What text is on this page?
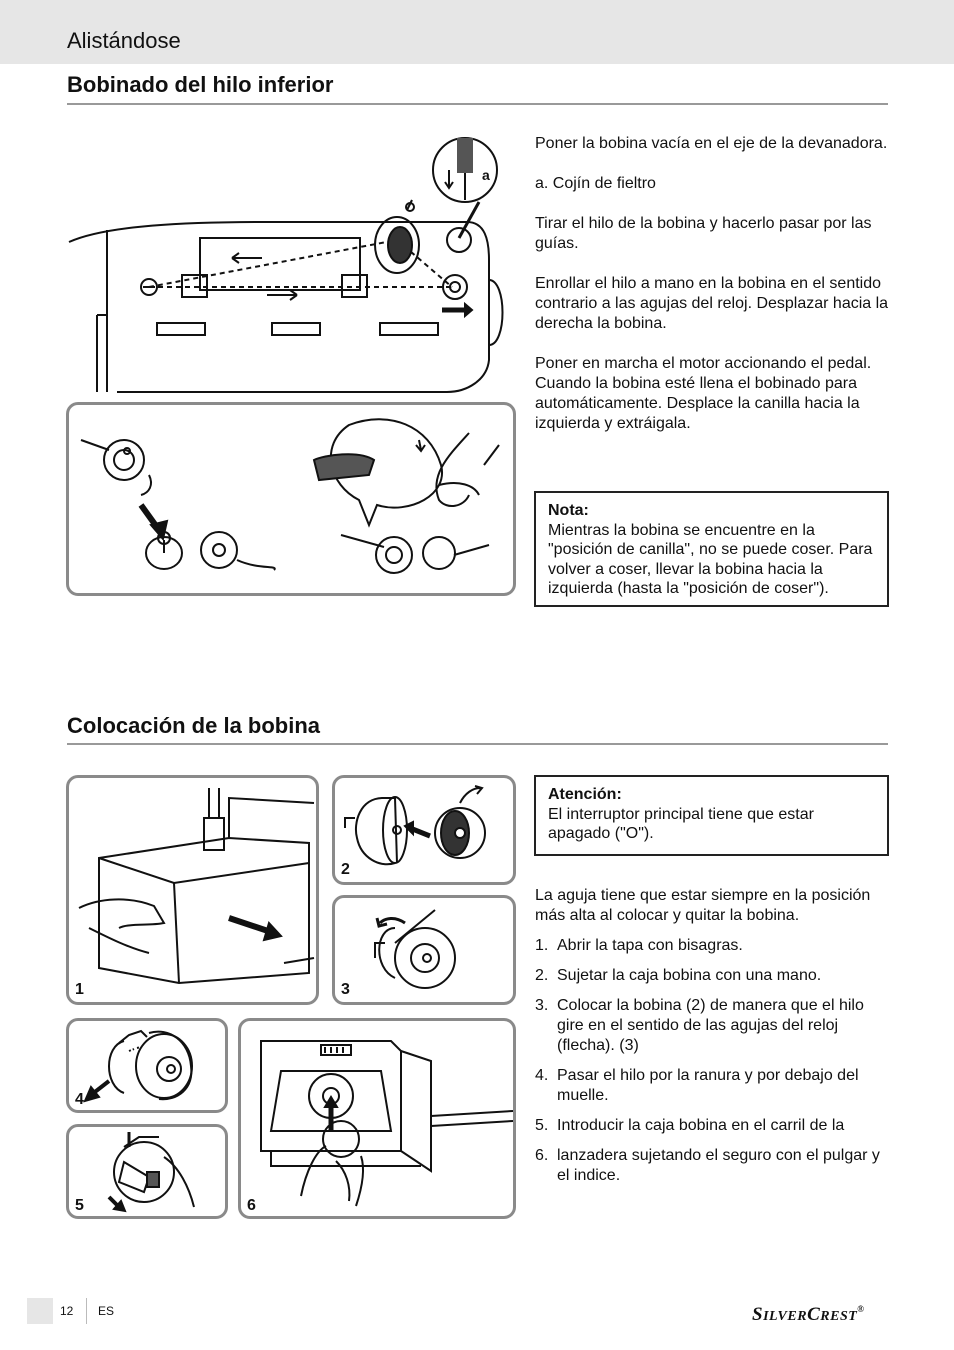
Alistándose
Bobinado del hilo inferior
a

Poner la bobina vacía en el eje de la devanadora.

a. Cojín de fieltro

Tirar el hilo de la bobina y hacerlo pasar por las guías.

Enrollar el hilo a mano en la bobina en el sentido contrario a las agujas del reloj. Desplazar hacia la derecha la bobina.

Poner en marcha el motor accionando el pedal. Cuando la bobina esté llena el bobinado para automáticamente. Desplace la canilla hacia la izquierda y extráigala.

Nota:
Mientras la bobina se encuentre en la "posición de canilla", no se puede coser. Para volver a coser, llevar la bobina hacia la izquierda (hasta la "posición de coser").
Colocación de la bobina
1
2
3
4
5	6
Atención:
El interruptor principal tiene que estar apagado ("O").

La aguja tiene que estar siempre en la posición más alta al colocar y quitar la bobina.

1. Abrir la tapa con bisagras.
2. Sujetar la caja bobina con una mano.
3. Colocar la bobina (2) de manera que el hilo gire en el sentido de las agujas del reloj (flecha). (3)
4. Pasar el hilo por la ranura y por debajo del muelle.
5. Introducir la caja bobina en el carril de la
6. lanzadera sujetando el seguro con el pulgar y el indice.
12 ES	SILVERCREST®
